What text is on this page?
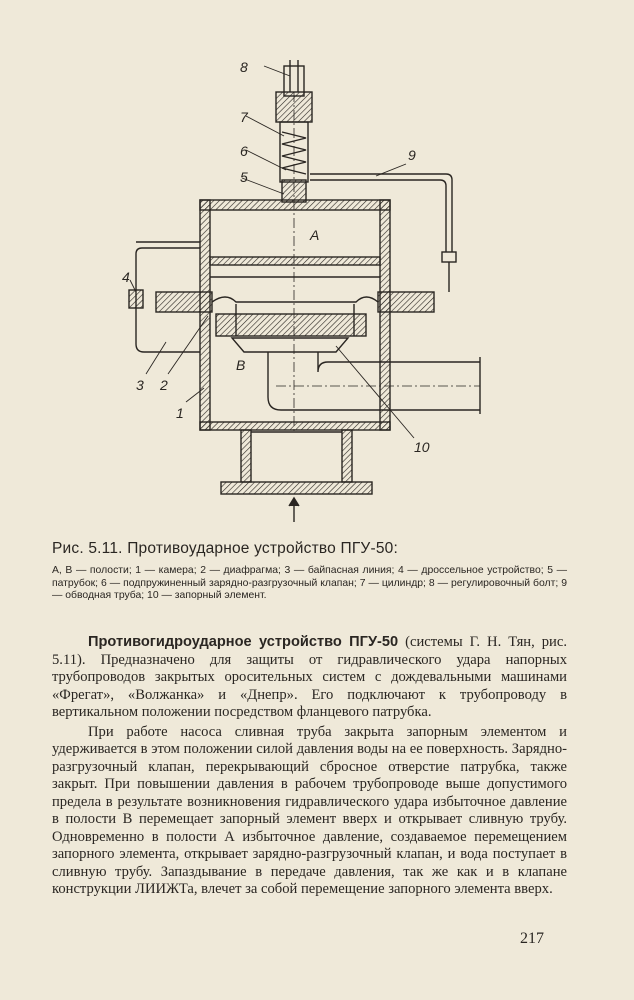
8
7
6
5
9
4
3 2
1
10
А
В
Рис. 5.11. Противоударное устройство ПГУ-50:
А, В — полости; 1 — камера; 2 — диафрагма; 3 — байпасная линия; 4 — дроссельное устройство; 5 — патрубок; 6 — подпружиненный зарядно-разгрузочный клапан; 7 — цилиндр; 8 — регулировочный болт; 9 — обводная труба; 10 — запорный элемент.

Противогидроударное устройство ПГУ-50 (системы Г. Н. Тян, рис. 5.11). Предназначено для защиты от гидравлического удара напорных трубопроводов закрытых оросительных систем с дождевальными машинами «Фрегат», «Волжанка» и «Днепр». Его подключают к трубопроводу в вертикальном положении посредством фланцевого патрубка.

При работе насоса сливная труба закрыта запорным элементом и удерживается в этом положении силой давления воды на ее поверхность. Зарядно-разгрузочный клапан, перекрывающий сбросное отверстие патрубка, также закрыт. При повышении давления в рабочем трубопроводе выше допустимого предела в результате возникновения гидравлического удара избыточное давление в полости В перемещает запорный элемент вверх и открывает сливную трубу. Одновременно в полости А избыточное давление, создаваемое перемещением запорного элемента, открывает зарядно-разгрузочный клапан, и вода поступает в сливную трубу. Запаздывание в передаче давления, так же как и в клапане конструкции ЛИИЖТа, влечет за собой перемещение запорного элемента вверх.

217
